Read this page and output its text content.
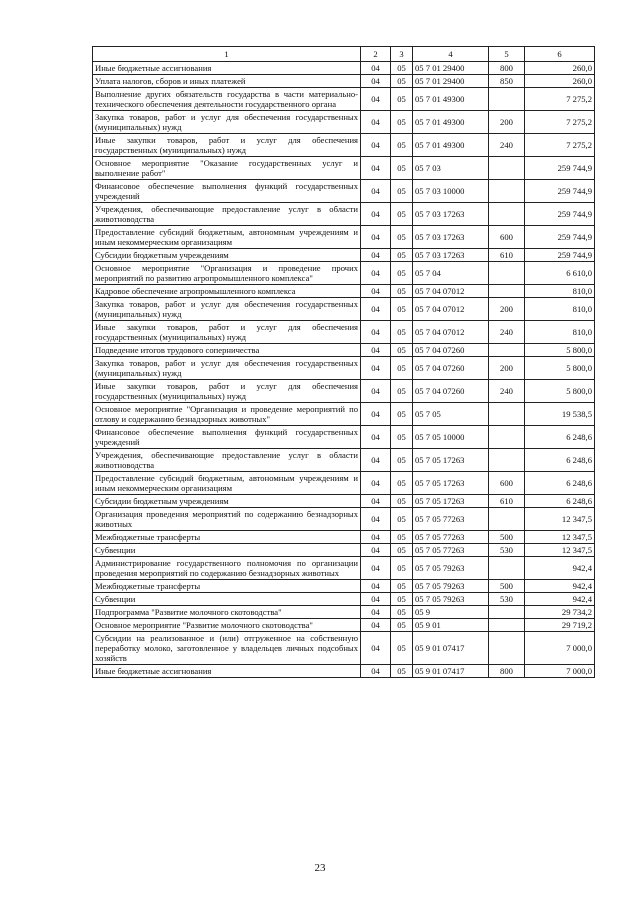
1	2	3	4	5	6
Иные бюджетные ассигнования	04	05	05 7 01 29400	800	260,0
Уплата налогов, сборов и иных платежей	04	05	05 7 01 29400	850	260,0
Выполнение других обязательств государства в части материально-технического обеспечения деятельности государственного органа	04	05	05 7 01 49300		7 275,2
Закупка товаров, работ и услуг для обеспечения государственных (муниципальных) нужд	04	05	05 7 01 49300	200	7 275,2
Иные закупки товаров, работ и услуг для обеспечения государственных (муниципальных) нужд	04	05	05 7 01 49300	240	7 275,2
Основное мероприятие "Оказание государственных услуг и выполнение работ"	04	05	05 7 03		259 744,9
Финансовое обеспечение выполнения функций государственных учреждений	04	05	05 7 03 10000		259 744,9
Учреждения, обеспечивающие предоставление услуг в области животноводства	04	05	05 7 03 17263		259 744,9
Предоставление субсидий бюджетным, автономным учреждениям и иным некоммерческим организациям	04	05	05 7 03 17263	600	259 744,9
Субсидии бюджетным учреждениям	04	05	05 7 03 17263	610	259 744,9
Основное мероприятие "Организация и проведение прочих мероприятий по развитию агропромышленного комплекса"	04	05	05 7 04		6 610,0
Кадровое обеспечение агропромышленного комплекса	04	05	05 7 04 07012		810,0
Закупка товаров, работ и услуг для обеспечения государственных (муниципальных) нужд	04	05	05 7 04 07012	200	810,0
Иные закупки товаров, работ и услуг для обеспечения государственных (муниципальных) нужд	04	05	05 7 04 07012	240	810,0
Подведение итогов трудового соперничества	04	05	05 7 04 07260		5 800,0
Закупка товаров, работ и услуг для обеспечения государственных (муниципальных) нужд	04	05	05 7 04 07260	200	5 800,0
Иные закупки товаров, работ и услуг для обеспечения государственных (муниципальных) нужд	04	05	05 7 04 07260	240	5 800,0
Основное мероприятие "Организация и проведение мероприятий по отлову и содержанию безнадзорных животных"	04	05	05 7 05		19 538,5
Финансовое обеспечение выполнения функций государственных учреждений	04	05	05 7 05 10000		6 248,6
Учреждения, обеспечивающие предоставление услуг в области животноводства	04	05	05 7 05 17263		6 248,6
Предоставление субсидий бюджетным, автономным учреждениям и иным некоммерческим организациям	04	05	05 7 05 17263	600	6 248,6
Субсидии бюджетным учреждениям	04	05	05 7 05 17263	610	6 248,6
Организация проведения мероприятий по содержанию безнадзорных животных	04	05	05 7 05 77263		12 347,5
Межбюджетные трансферты	04	05	05 7 05 77263	500	12 347,5
Субвенции	04	05	05 7 05 77263	530	12 347,5
Администрирование государственного полномочия по организации проведения мероприятий по содержанию безнадзорных животных	04	05	05 7 05 79263		942,4
Межбюджетные трансферты	04	05	05 7 05 79263	500	942,4
Субвенции	04	05	05 7 05 79263	530	942,4
Подпрограмма "Развитие молочного скотоводства"	04	05	05 9		29 734,2
Основное мероприятие "Развитие молочного скотоводства"	04	05	05 9 01		29 719,2
Субсидии на реализованное и (или) отгруженное на собственную переработку молоко, заготовленное у владельцев личных подсобных хозяйств	04	05	05 9 01 07417		7 000,0
Иные бюджетные ассигнования	04	05	05 9 01 07417	800	7 000,0
23
